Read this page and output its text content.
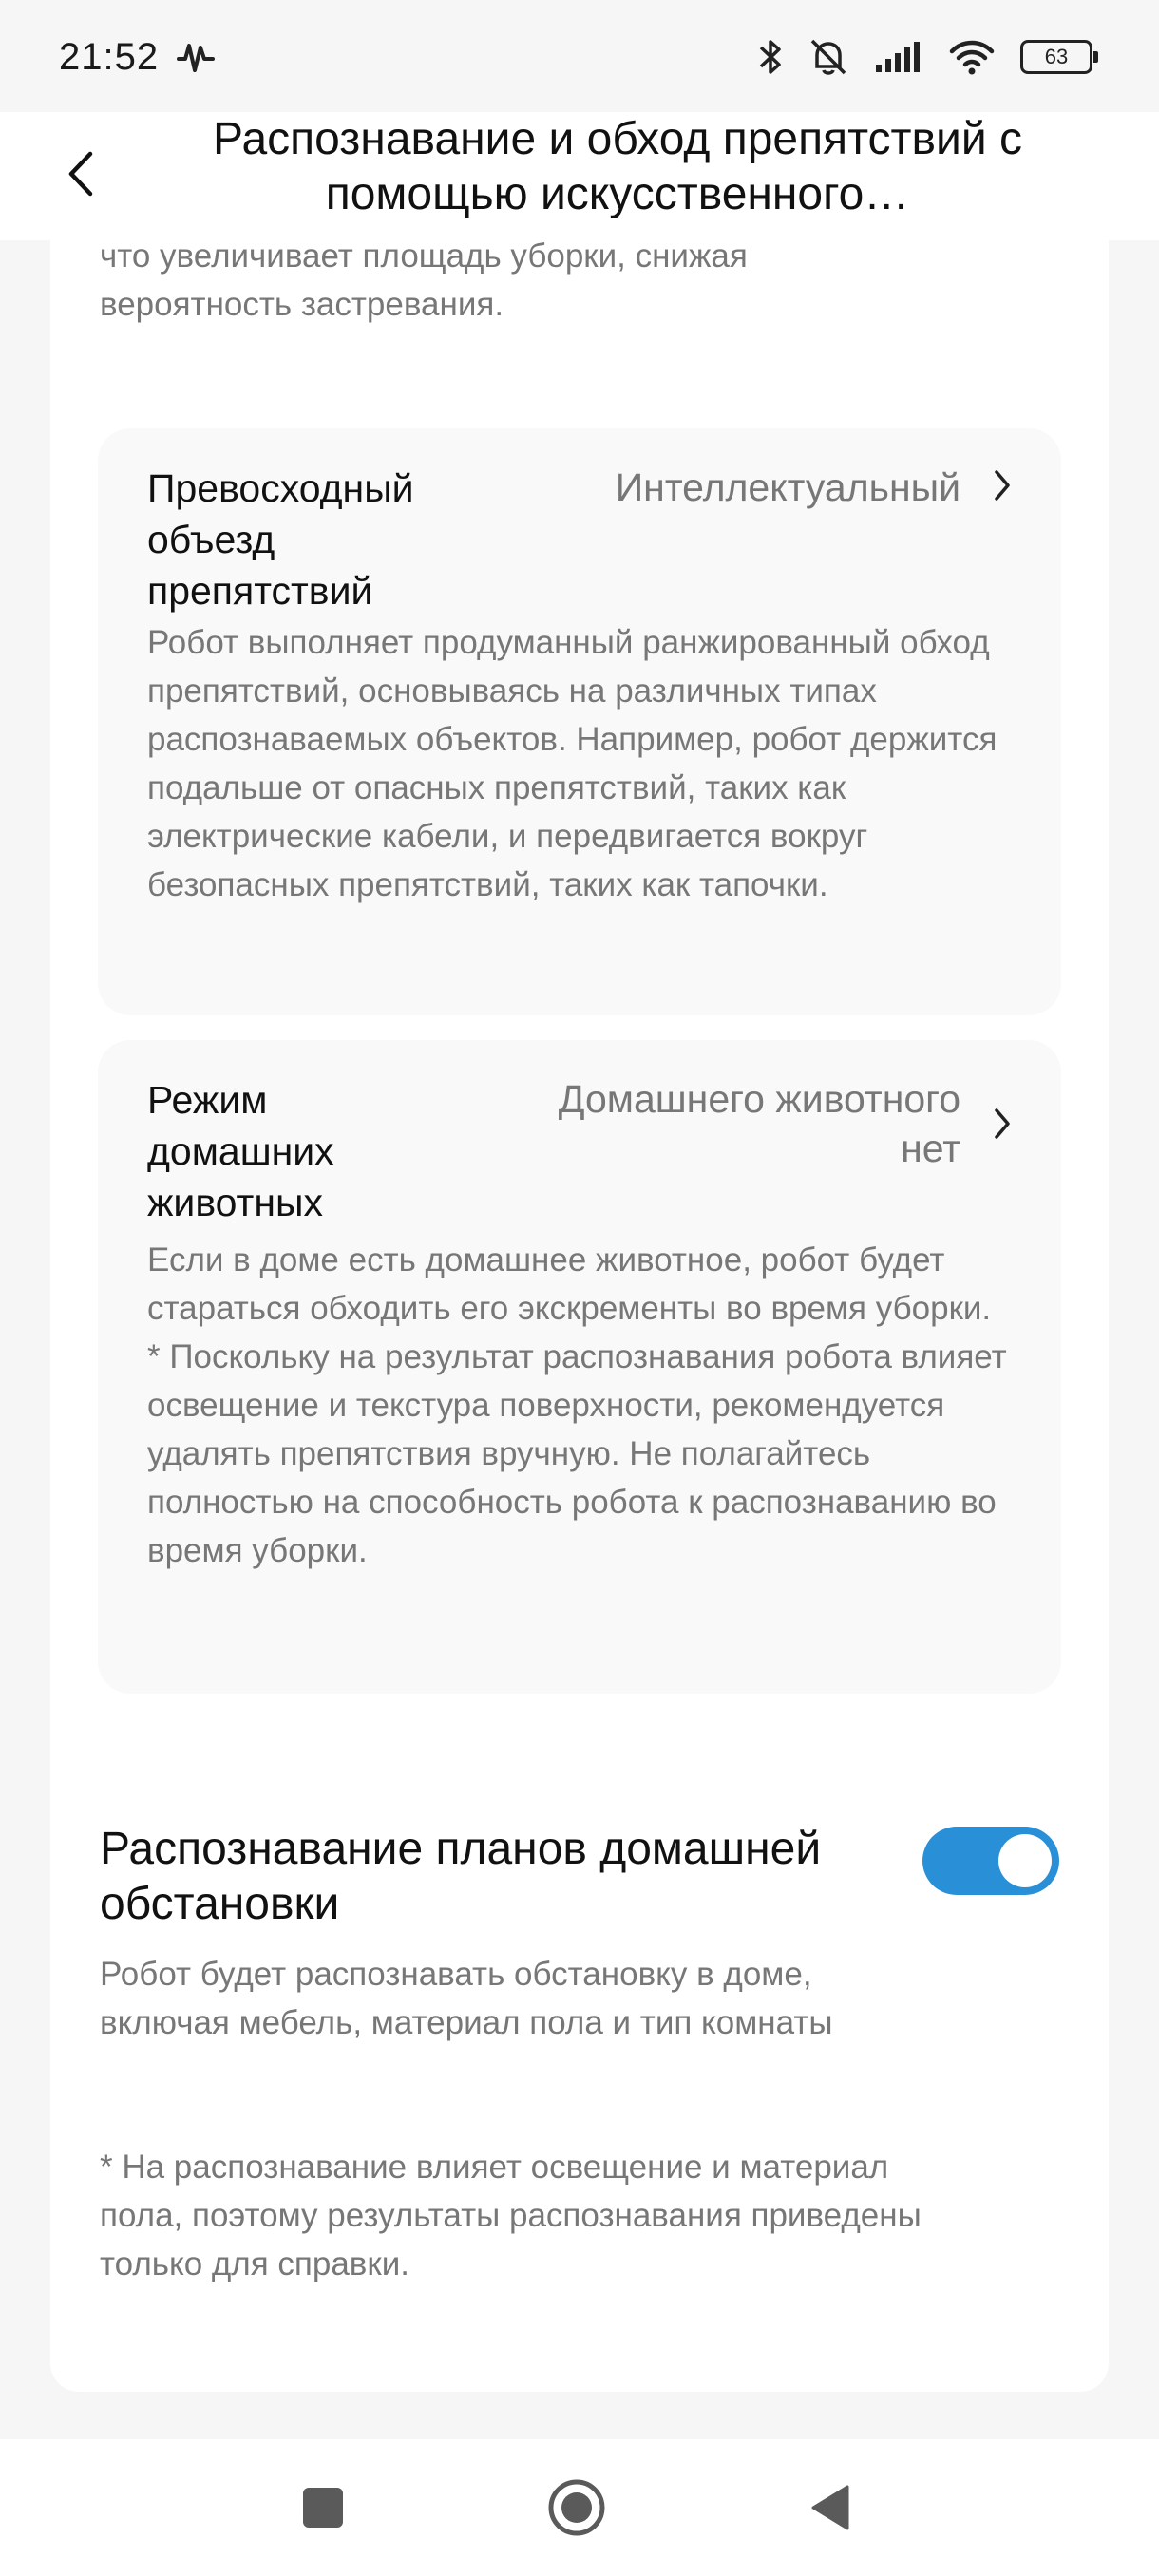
21:52	63
Распознавание и обход препятствий с помощью искусственного…
что увеличивает площадь уборки, снижая вероятность застревания.
Превосходный объезд препятствий
Интеллектуальный
Робот выполняет продуманный ранжированный обход препятствий, основываясь на различных типах распознаваемых объектов. Например, робот держится подальше от опасных препятствий, таких как электрические кабели, и передвигается вокруг безопасных препятствий, таких как тапочки.
Режим домашних животных
Домашнего животного нет
Если в доме есть домашнее животное, робот будет стараться обходить его экскременты во время уборки.
* Поскольку на результат распознавания робота влияет освещение и текстура поверхности, рекомендуется удалять препятствия вручную. Не полагайтесь полностью на способность робота к распознаванию во время уборки.
Распознавание планов домашней обстановки
Робот будет распознавать обстановку в доме, включая мебель, материал пола и тип комнаты
* На распознавание влияет освещение и материал пола, поэтому результаты распознавания приведены только для справки.
